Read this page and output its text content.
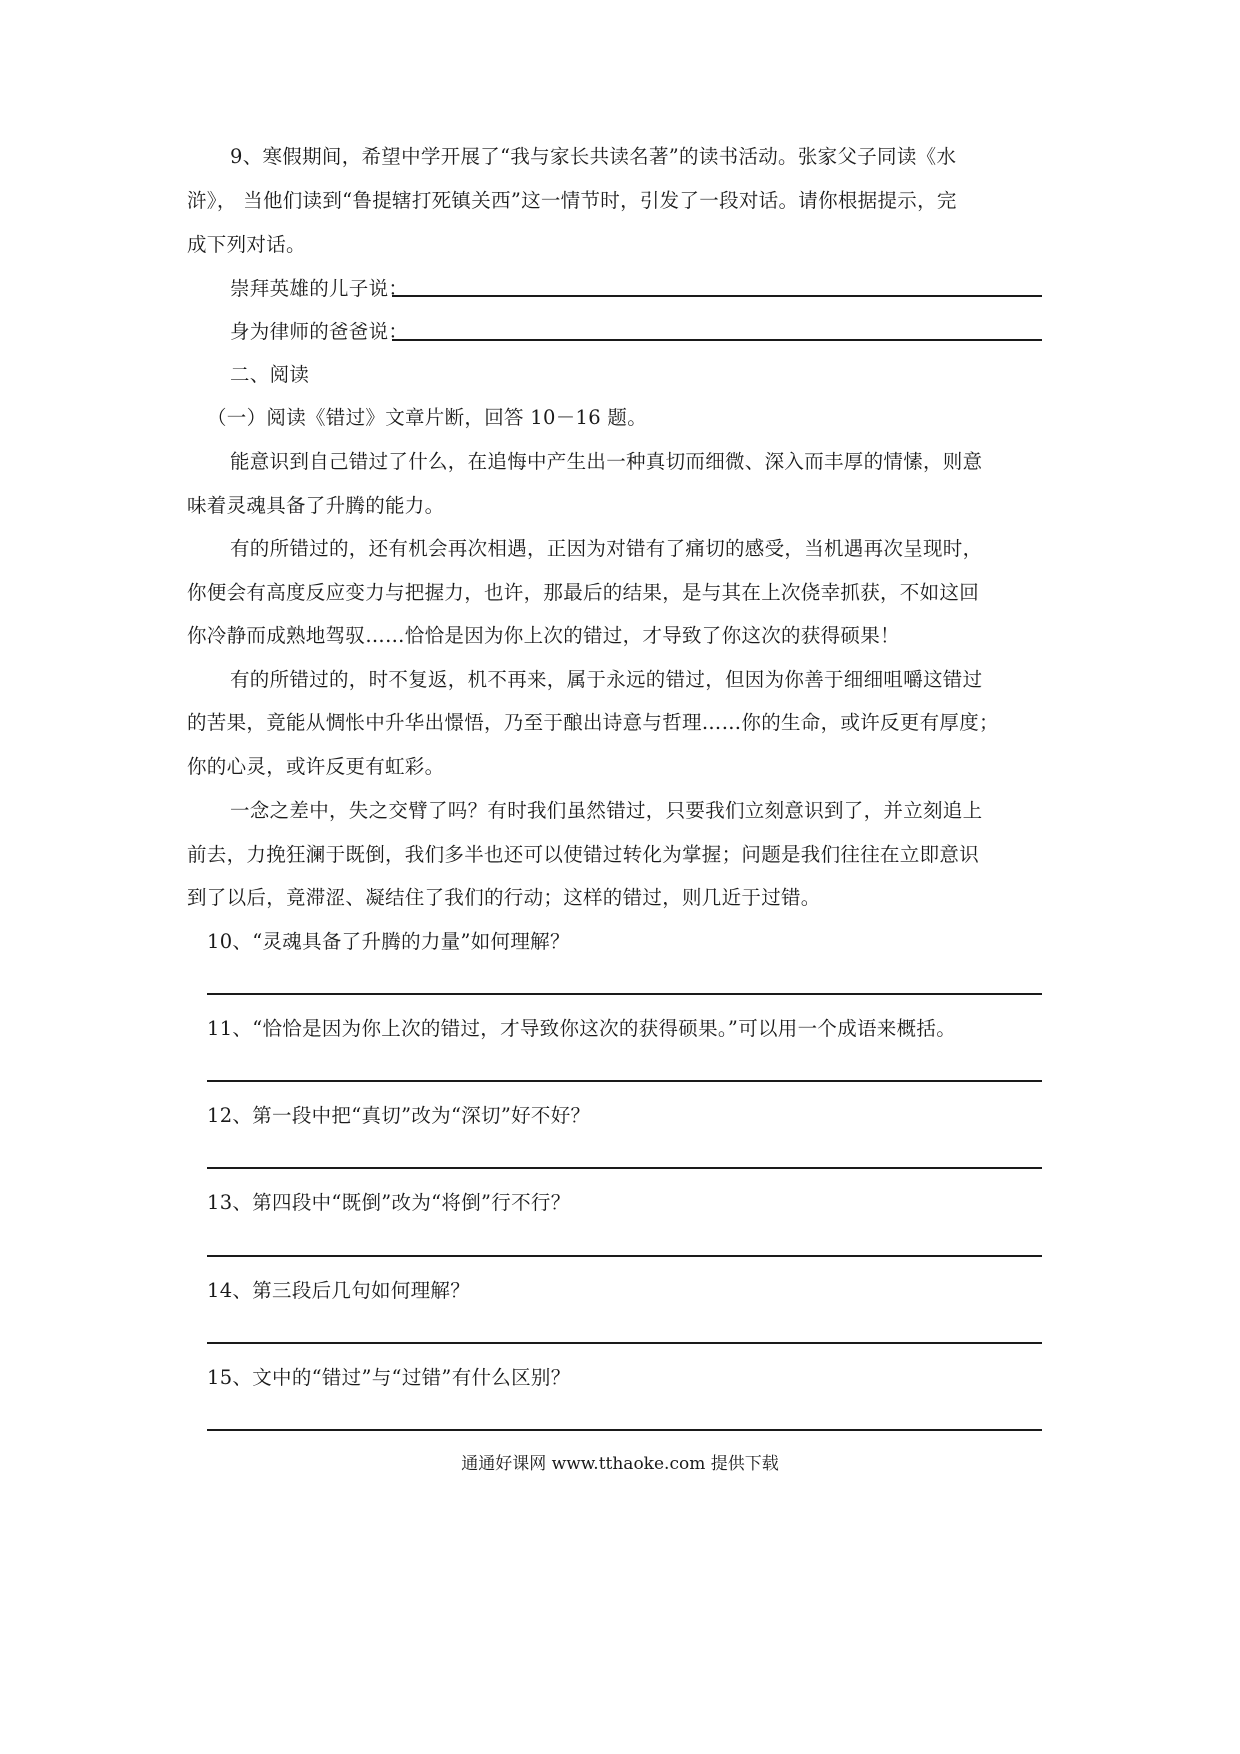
9、寒假期间，希望中学开展了“我与家长共读名著”的读书活动。张家父子同读《水
浒》， 当他们读到“鲁提辖打死镇关西”这一情节时，引发了一段对话。请你根据提示，完
成下列对话。
崇拜英雄的儿子说：
身为律师的爸爸说：
二、阅读
（一）阅读《错过》文章片断，回答 10－16 题。
能意识到自己错过了什么，在追悔中产生出一种真切而细微、深入而丰厚的情愫，则意
味着灵魂具备了升腾的能力。
有的所错过的，还有机会再次相遇，正因为对错有了痛切的感受，当机遇再次呈现时，
你便会有高度反应变力与把握力，也许，那最后的结果，是与其在上次侥幸抓获，不如这回
你冷静而成熟地驾驭……恰恰是因为你上次的错过，才导致了你这次的获得硕果！
有的所错过的，时不复返，机不再来，属于永远的错过，但因为你善于细细咀嚼这错过
的苦果，竟能从惆怅中升华出憬悟，乃至于酿出诗意与哲理……你的生命，或许反更有厚度；
你的心灵，或许反更有虹彩。
一念之差中，失之交臂了吗？有时我们虽然错过，只要我们立刻意识到了，并立刻追上
前去，力挽狂澜于既倒，我们多半也还可以使错过转化为掌握；问题是我们往往在立即意识
到了以后，竟滞涩、凝结住了我们的行动；这样的错过，则几近于过错。
10、“灵魂具备了升腾的力量”如何理解？
11、“恰恰是因为你上次的错过，才导致你这次的获得硕果。”可以用一个成语来概括。
12、第一段中把“真切”改为“深切”好不好？
13、第四段中“既倒”改为“将倒”行不行？
14、第三段后几句如何理解？
15、文中的“错过”与“过错”有什么区别？
通通好课网 www.tthaoke.com 提供下载
